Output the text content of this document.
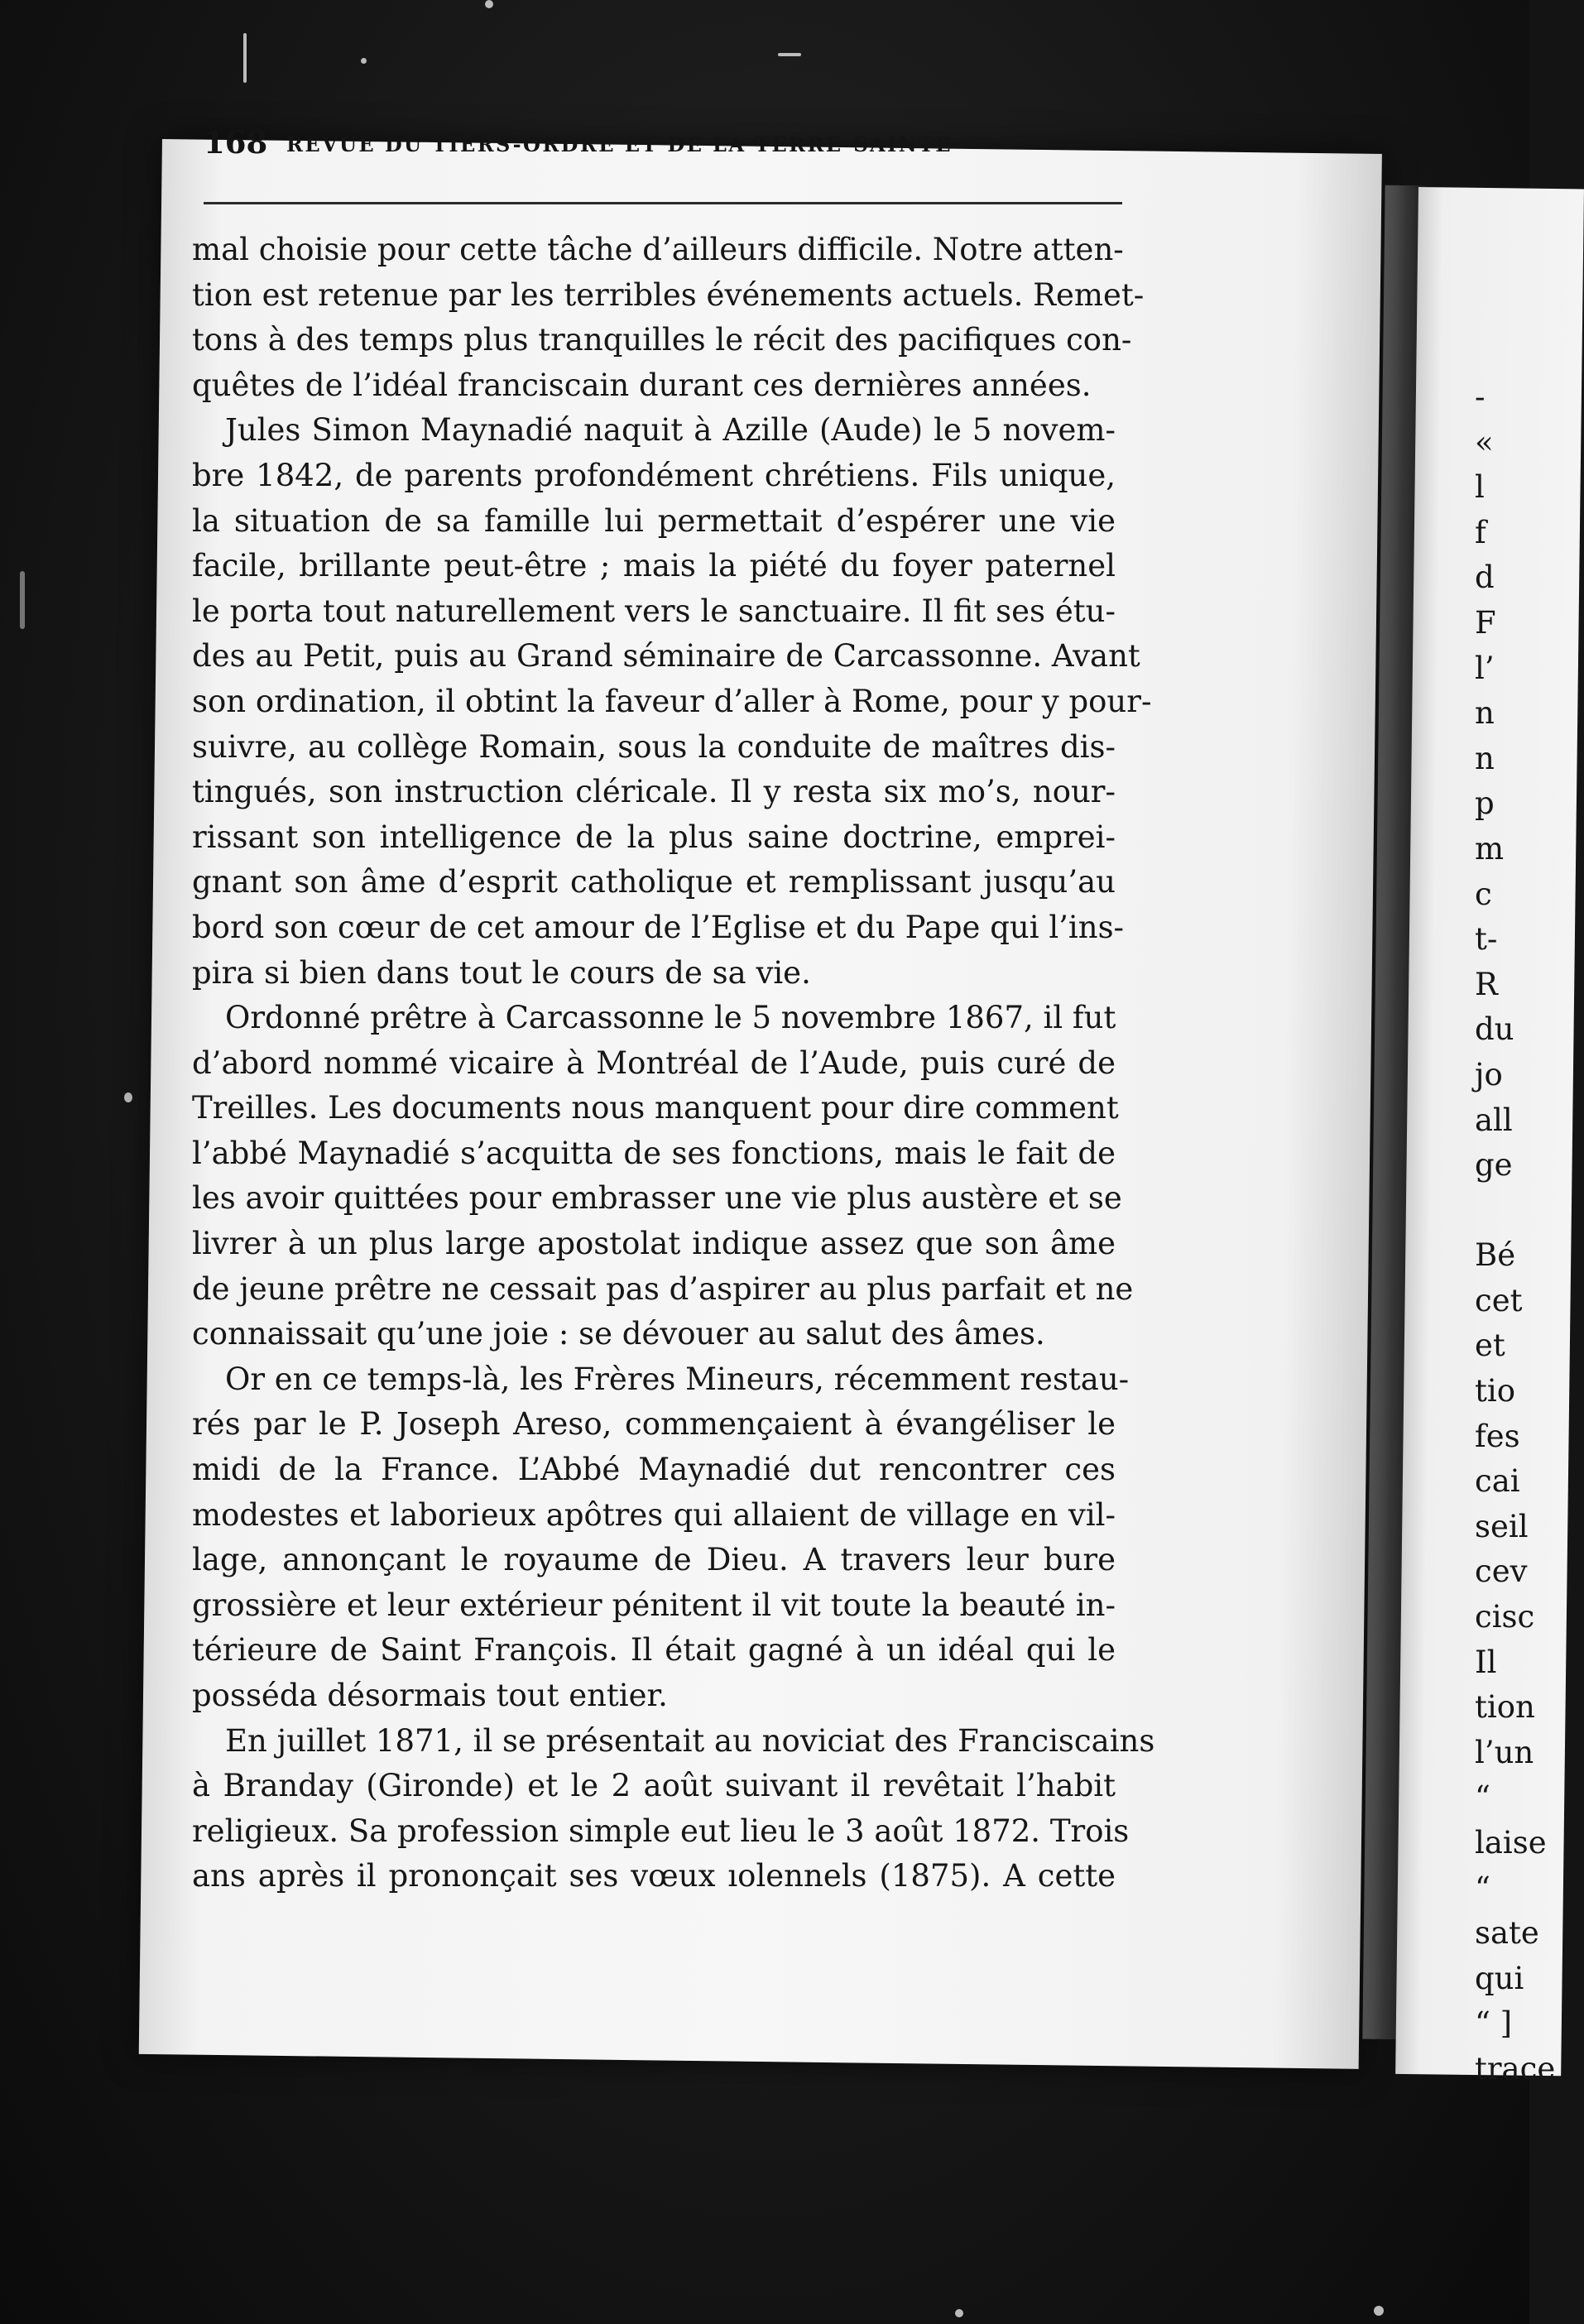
168 REVUE DU TIERS-ORDRE ET DE LA TERRE-SAINTE
mal choisie pour cette tâche d’ailleurs difficile. Notre atten-
tion est retenue par les terribles événements actuels. Remet-
tons à des temps plus tranquilles le récit des pacifiques con-
quêtes de l’idéal franciscain durant ces dernières années.
Jules Simon Maynadié naquit à Azille (Aude) le 5 novem-
bre 1842, de parents profondément chrétiens. Fils unique,
la situation de sa famille lui permettait d’espérer une vie
facile, brillante peut-être ; mais la piété du foyer paternel
le porta tout naturellement vers le sanctuaire. Il fit ses étu-
des au Petit, puis au Grand séminaire de Carcassonne. Avant
son ordination, il obtint la faveur d’aller à Rome, pour y pour-
suivre, au collège Romain, sous la conduite de maîtres dis-
tingués, son instruction cléricale. Il y resta six mo’s, nour-
rissant son intelligence de la plus saine doctrine, emprei-
gnant son âme d’esprit catholique et remplissant jusqu’au
bord son cœur de cet amour de l’Eglise et du Pape qui l’ins-
pira si bien dans tout le cours de sa vie.
Ordonné prêtre à Carcassonne le 5 novembre 1867, il fut
d’abord nommé vicaire à Montréal de l’Aude, puis curé de
Treilles. Les documents nous manquent pour dire comment
l’abbé Maynadié s’acquitta de ses fonctions, mais le fait de
les avoir quittées pour embrasser une vie plus austère et se
livrer à un plus large apostolat indique assez que son âme
de jeune prêtre ne cessait pas d’aspirer au plus parfait et ne
connaissait qu’une joie : se dévouer au salut des âmes.
Or en ce temps-là, les Frères Mineurs, récemment restau-
rés par le P. Joseph Areso, commençaient à évangéliser le
midi de la France. L’Abbé Maynadié dut rencontrer ces
modestes et laborieux apôtres qui allaient de village en vil-
lage, annonçant le royaume de Dieu. A travers leur bure
grossière et leur extérieur pénitent il vit toute la beauté in-
térieure de Saint François. Il était gagné à un idéal qui le
posséda désormais tout entier.
En juillet 1871, il se présentait au noviciat des Franciscains
à Branday (Gironde) et le 2 août suivant il revêtait l’habit
religieux. Sa profession simple eut lieu le 3 août 1872. Trois
ans après il prononçait ses vœux ıolennels (1875). A cette
-
«
l
f
d
F
l’
n
n
p
m
c
t-
R
du
jo
all
ge
Bé
cet
et
tio
fes
cai
seil
cev
cisc
Il
tion
l’un
“
laise
“
sate
qui
“ ]
trace
